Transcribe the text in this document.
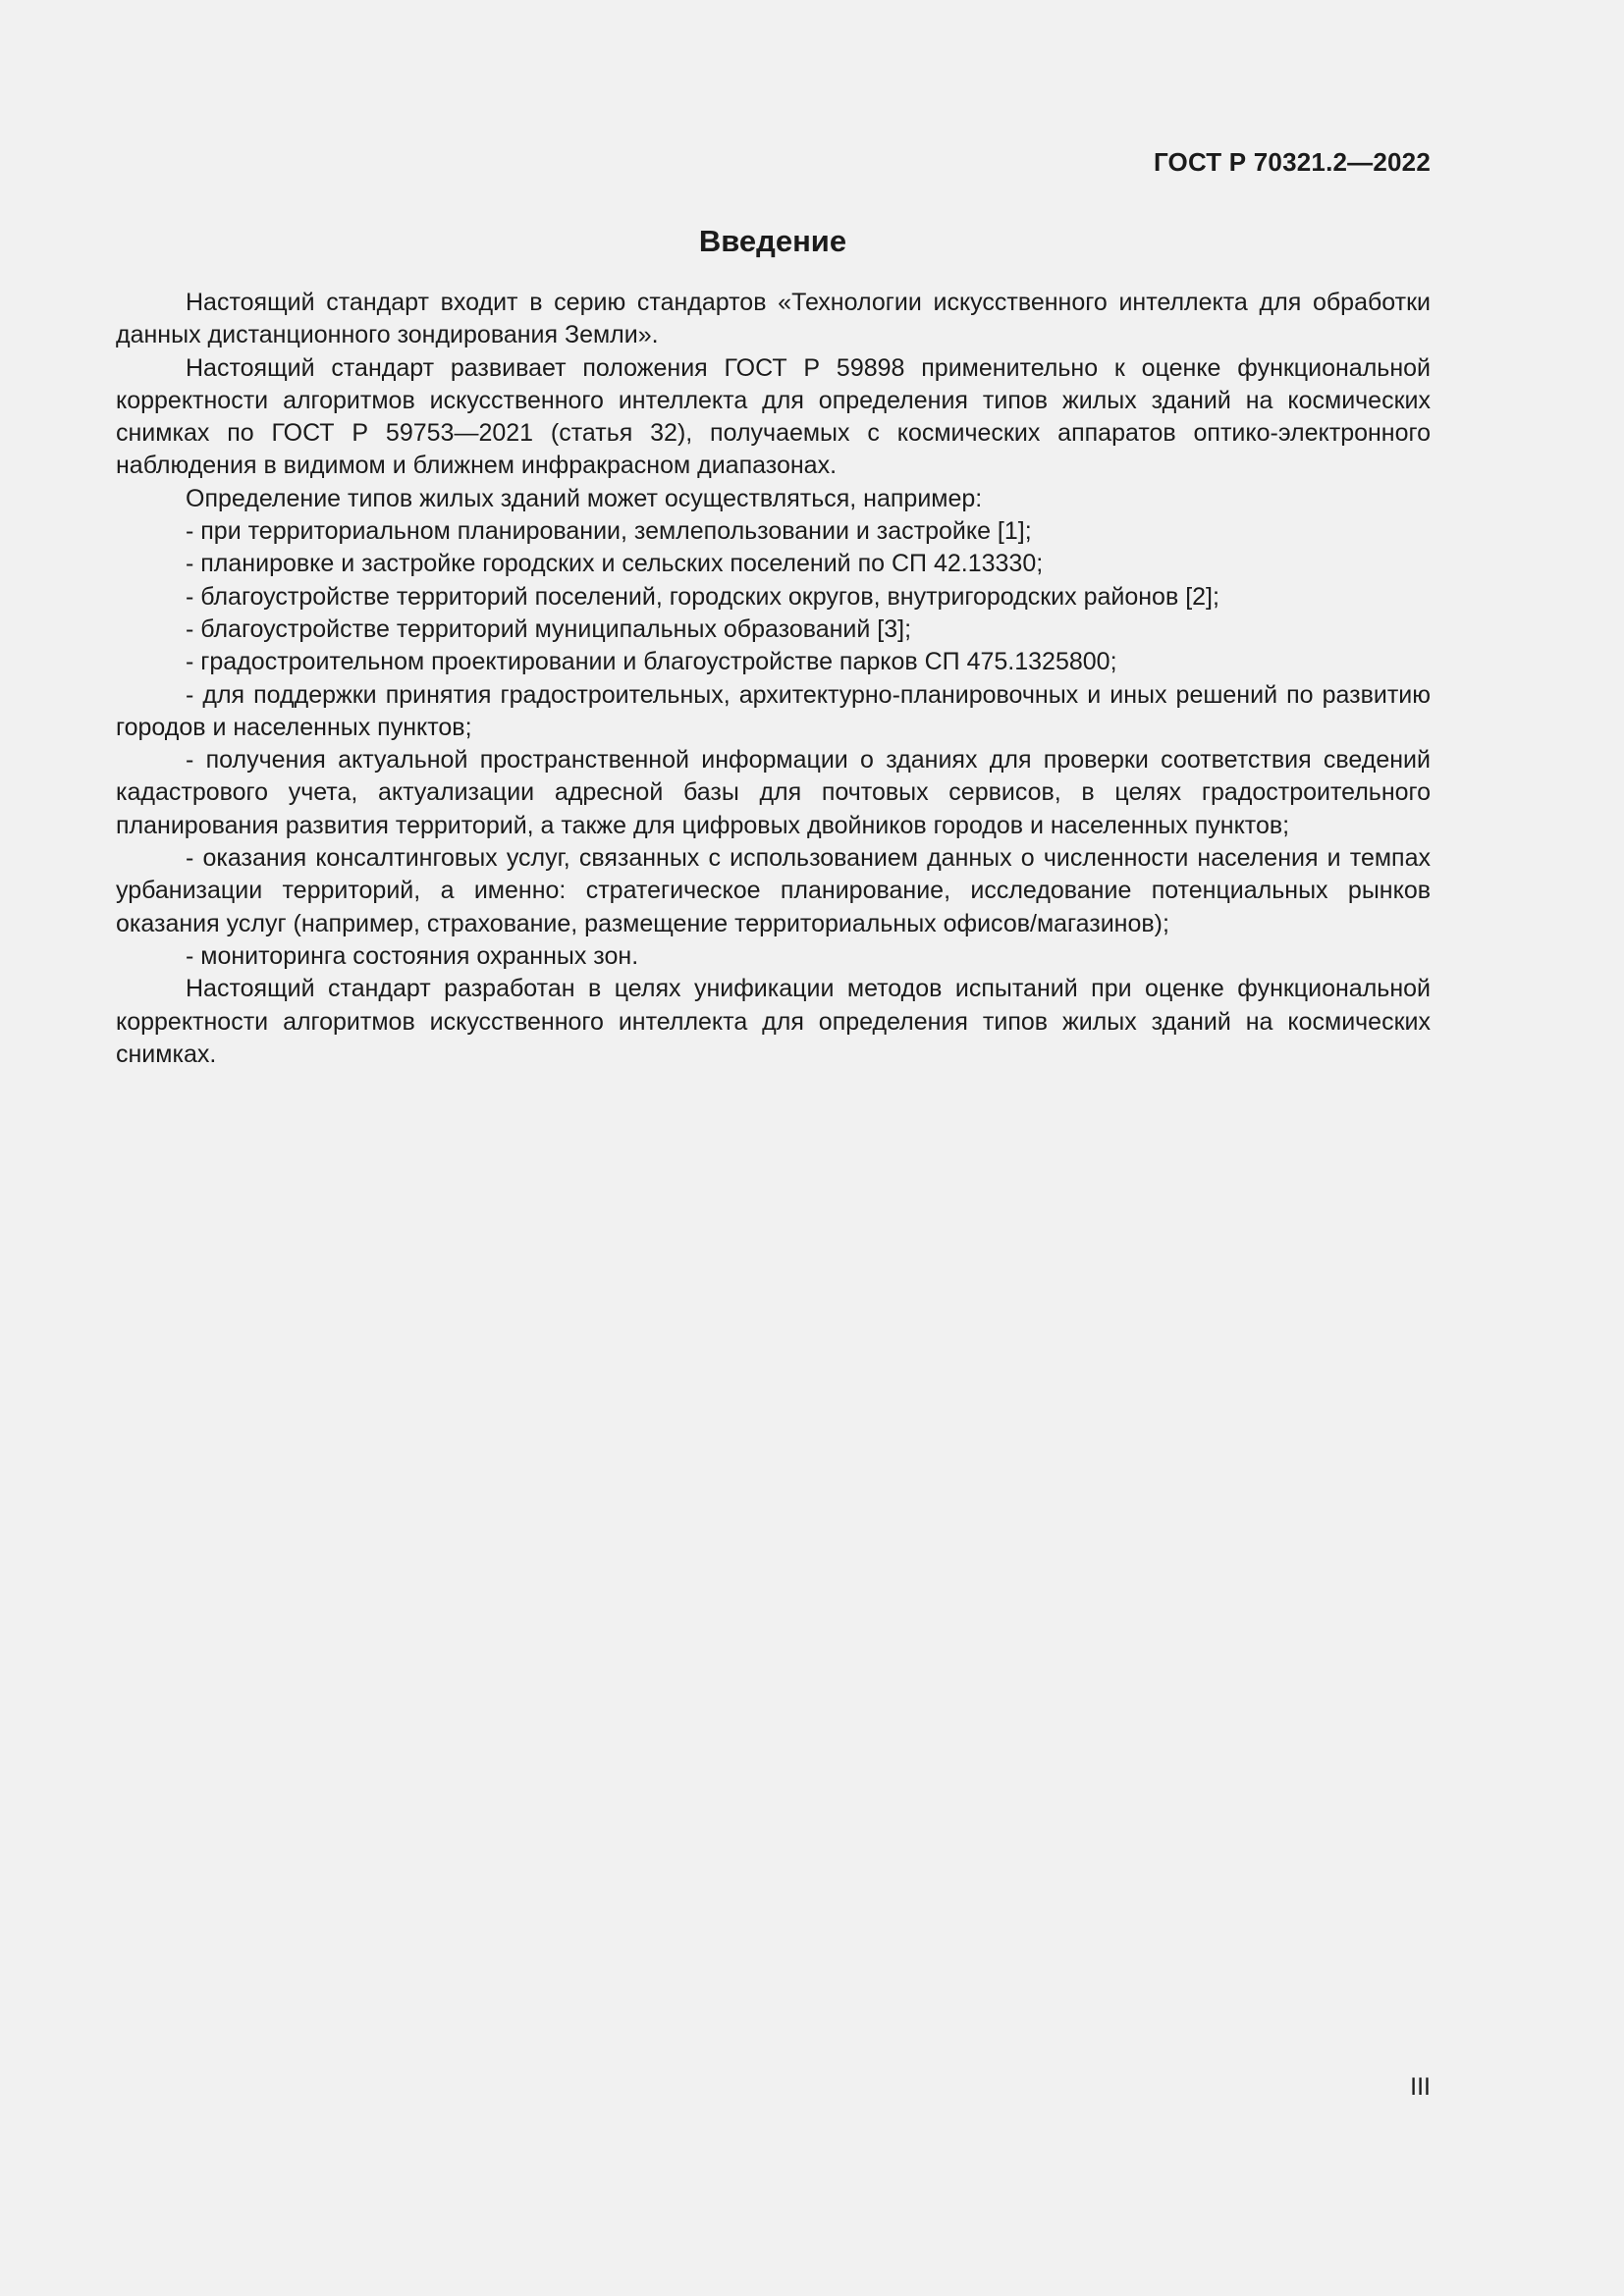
ГОСТ Р 70321.2—2022
Введение

Настоящий стандарт входит в серию стандартов «Технологии искусственного интеллекта для обработки данных дистанционного зондирования Земли».

Настоящий стандарт развивает положения ГОСТ Р 59898 применительно к оценке функциональной корректности алгоритмов искусственного интеллекта для определения типов жилых зданий на космических снимках по ГОСТ Р 59753—2021 (статья 32), получаемых с космических аппаратов оптико-электронного наблюдения в видимом и ближнем инфракрасном диапазонах.

Определение типов жилых зданий может осуществляться, например:

- при территориальном планировании, землепользовании и застройке [1];

- планировке и застройке городских и сельских поселений по СП 42.13330;

- благоустройстве территорий поселений, городских округов, внутригородских районов [2];

- благоустройстве территорий муниципальных образований [3];

- градостроительном проектировании и благоустройстве парков СП 475.1325800;

- для поддержки принятия градостроительных, архитектурно-планировочных и иных решений по развитию городов и населенных пунктов;

- получения актуальной пространственной информации о зданиях для проверки соответствия сведений кадастрового учета, актуализации адресной базы для почтовых сервисов, в целях градостроительного планирования развития территорий, а также для цифровых двойников городов и населенных пунктов;

- оказания консалтинговых услуг, связанных с использованием данных о численности населения и темпах урбанизации территорий, а именно: стратегическое планирование, исследование потенциальных рынков оказания услуг (например, страхование, размещение территориальных офисов/магазинов);

- мониторинга состояния охранных зон.

Настоящий стандарт разработан в целях унификации методов испытаний при оценке функциональной корректности алгоритмов искусственного интеллекта для определения типов жилых зданий на космических снимках.

III
